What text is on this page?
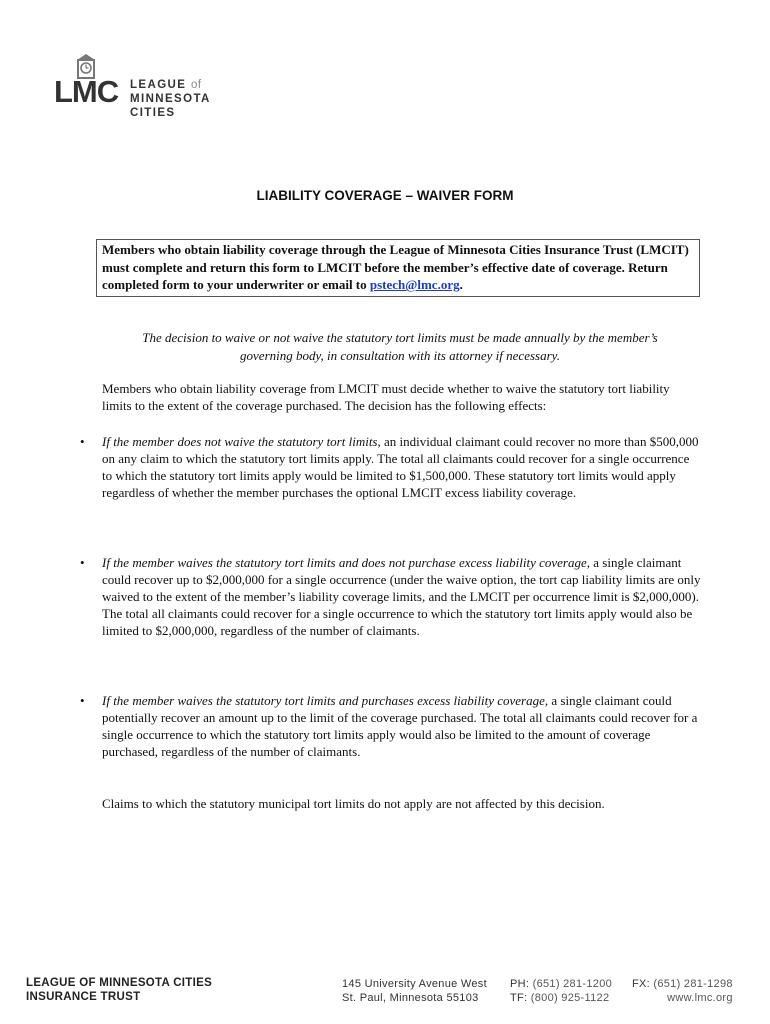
LMC LEAGUE of
MINNESOTA
CITIES
LIABILITY COVERAGE – WAIVER FORM
Members who obtain liability coverage through the League of Minnesota Cities Insurance Trust (LMCIT) must complete and return this form to LMCIT before the member’s effective date of coverage. Return completed form to your underwriter or email to pstech@lmc.org.
The decision to waive or not waive the statutory tort limits must be made annually by the member’s governing body, in consultation with its attorney if necessary.
Members who obtain liability coverage from LMCIT must decide whether to waive the statutory tort liability limits to the extent of the coverage purchased. The decision has the following effects:
• If the member does not waive the statutory tort limits, an individual claimant could recover no more than $500,000 on any claim to which the statutory tort limits apply. The total all claimants could recover for a single occurrence to which the statutory tort limits apply would be limited to $1,500,000. These statutory tort limits would apply regardless of whether the member purchases the optional LMCIT excess liability coverage.
• If the member waives the statutory tort limits and does not purchase excess liability coverage, a single claimant could recover up to $2,000,000 for a single occurrence (under the waive option, the tort cap liability limits are only waived to the extent of the member’s liability coverage limits, and the LMCIT per occurrence limit is $2,000,000). The total all claimants could recover for a single occurrence to which the statutory tort limits apply would also be limited to $2,000,000, regardless of the number of claimants.
• If the member waives the statutory tort limits and purchases excess liability coverage, a single claimant could potentially recover an amount up to the limit of the coverage purchased. The total all claimants could recover for a single occurrence to which the statutory tort limits apply would also be limited to the amount of coverage purchased, regardless of the number of claimants.
Claims to which the statutory municipal tort limits do not apply are not affected by this decision.
LEAGUE OF MINNESOTA CITIES
INSURANCE TRUST
145 University Avenue West
St. Paul, Minnesota 55103
PH: (651) 281-1200
TF: (800) 925-1122
FX: (651) 281-1298
www.lmc.org
